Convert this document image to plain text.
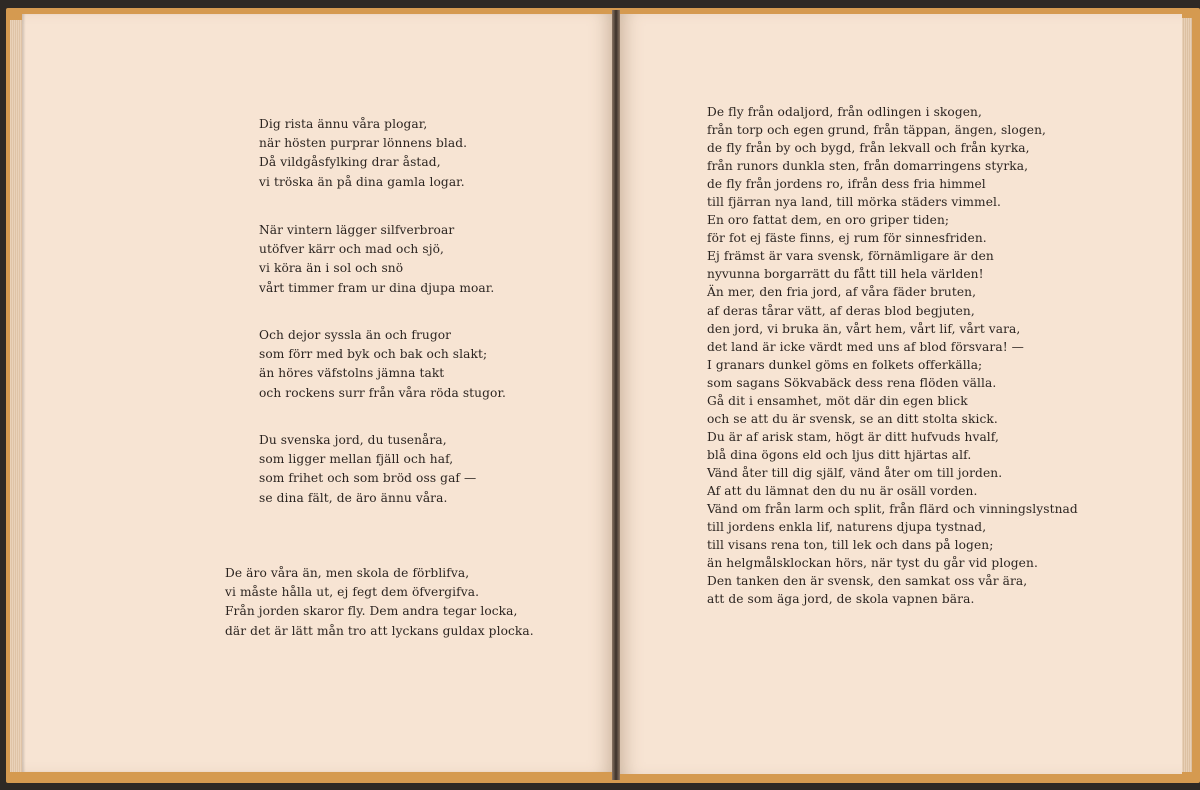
Dig rista ännu våra plogar,
när hösten purprar lönnens blad.
Då vildgåsfylking drar åstad,
vi tröska än på dina gamla logar.
När vintern lägger silfverbroar
utöfver kärr och mad och sjö,
vi köra än i sol och snö
vårt timmer fram ur dina djupa moar.
Och dejor syssla än och frugor
som förr med byk och bak och slakt;
än höres väfstolns jämna takt
och rockens surr från våra röda stugor.
Du svenska jord, du tusenåra,
som ligger mellan fjäll och haf,
som frihet och som bröd oss gaf —
se dina fält, de äro ännu våra.
De äro våra än, men skola de förblifva,
vi måste hålla ut, ej fegt dem öfvergifva.
Från jorden skaror fly. Dem andra tegar locka,
där det är lätt mån tro att lyckans guldax plocka.
De fly från odaljord, från odlingen i skogen,
från torp och egen grund, från täppan, ängen, slogen,
de fly från by och bygd, från lekvall och från kyrka,
från runors dunkla sten, från domarringens styrka,
de fly från jordens ro, ifrån dess fria himmel
till fjärran nya land, till mörka städers vimmel.
En oro fattat dem, en oro griper tiden;
för fot ej fäste finns, ej rum för sinnesfriden.
Ej främst är vara svensk, förnämligare är den
nyvunna borgarrätt du fått till hela världen!
Än mer, den fria jord, af våra fäder bruten,
af deras tårar vätt, af deras blod begjuten,
den jord, vi bruka än, vårt hem, vårt lif, vårt vara,
det land är icke värdt med uns af blod försvara! —
I granars dunkel göms en folkets offerkälla;
som sagans Sökvabäck dess rena flöden välla.
Gå dit i ensamhet, möt där din egen blick
och se att du är svensk, se an ditt stolta skick.
Du är af arisk stam, högt är ditt hufvuds hvalf,
blå dina ögons eld och ljus ditt hjärtas alf.
Vänd åter till dig själf, vänd åter om till jorden.
Af att du lämnat den du nu är osäll vorden.
Vänd om från larm och split, från flärd och vinningslystnad
till jordens enkla lif, naturens djupa tystnad,
till visans rena ton, till lek och dans på logen;
än helgmålsklockan hörs, när tyst du går vid plogen.
Den tanken den är svensk, den samkat oss vår ära,
att de som äga jord, de skola vapnen bära.
